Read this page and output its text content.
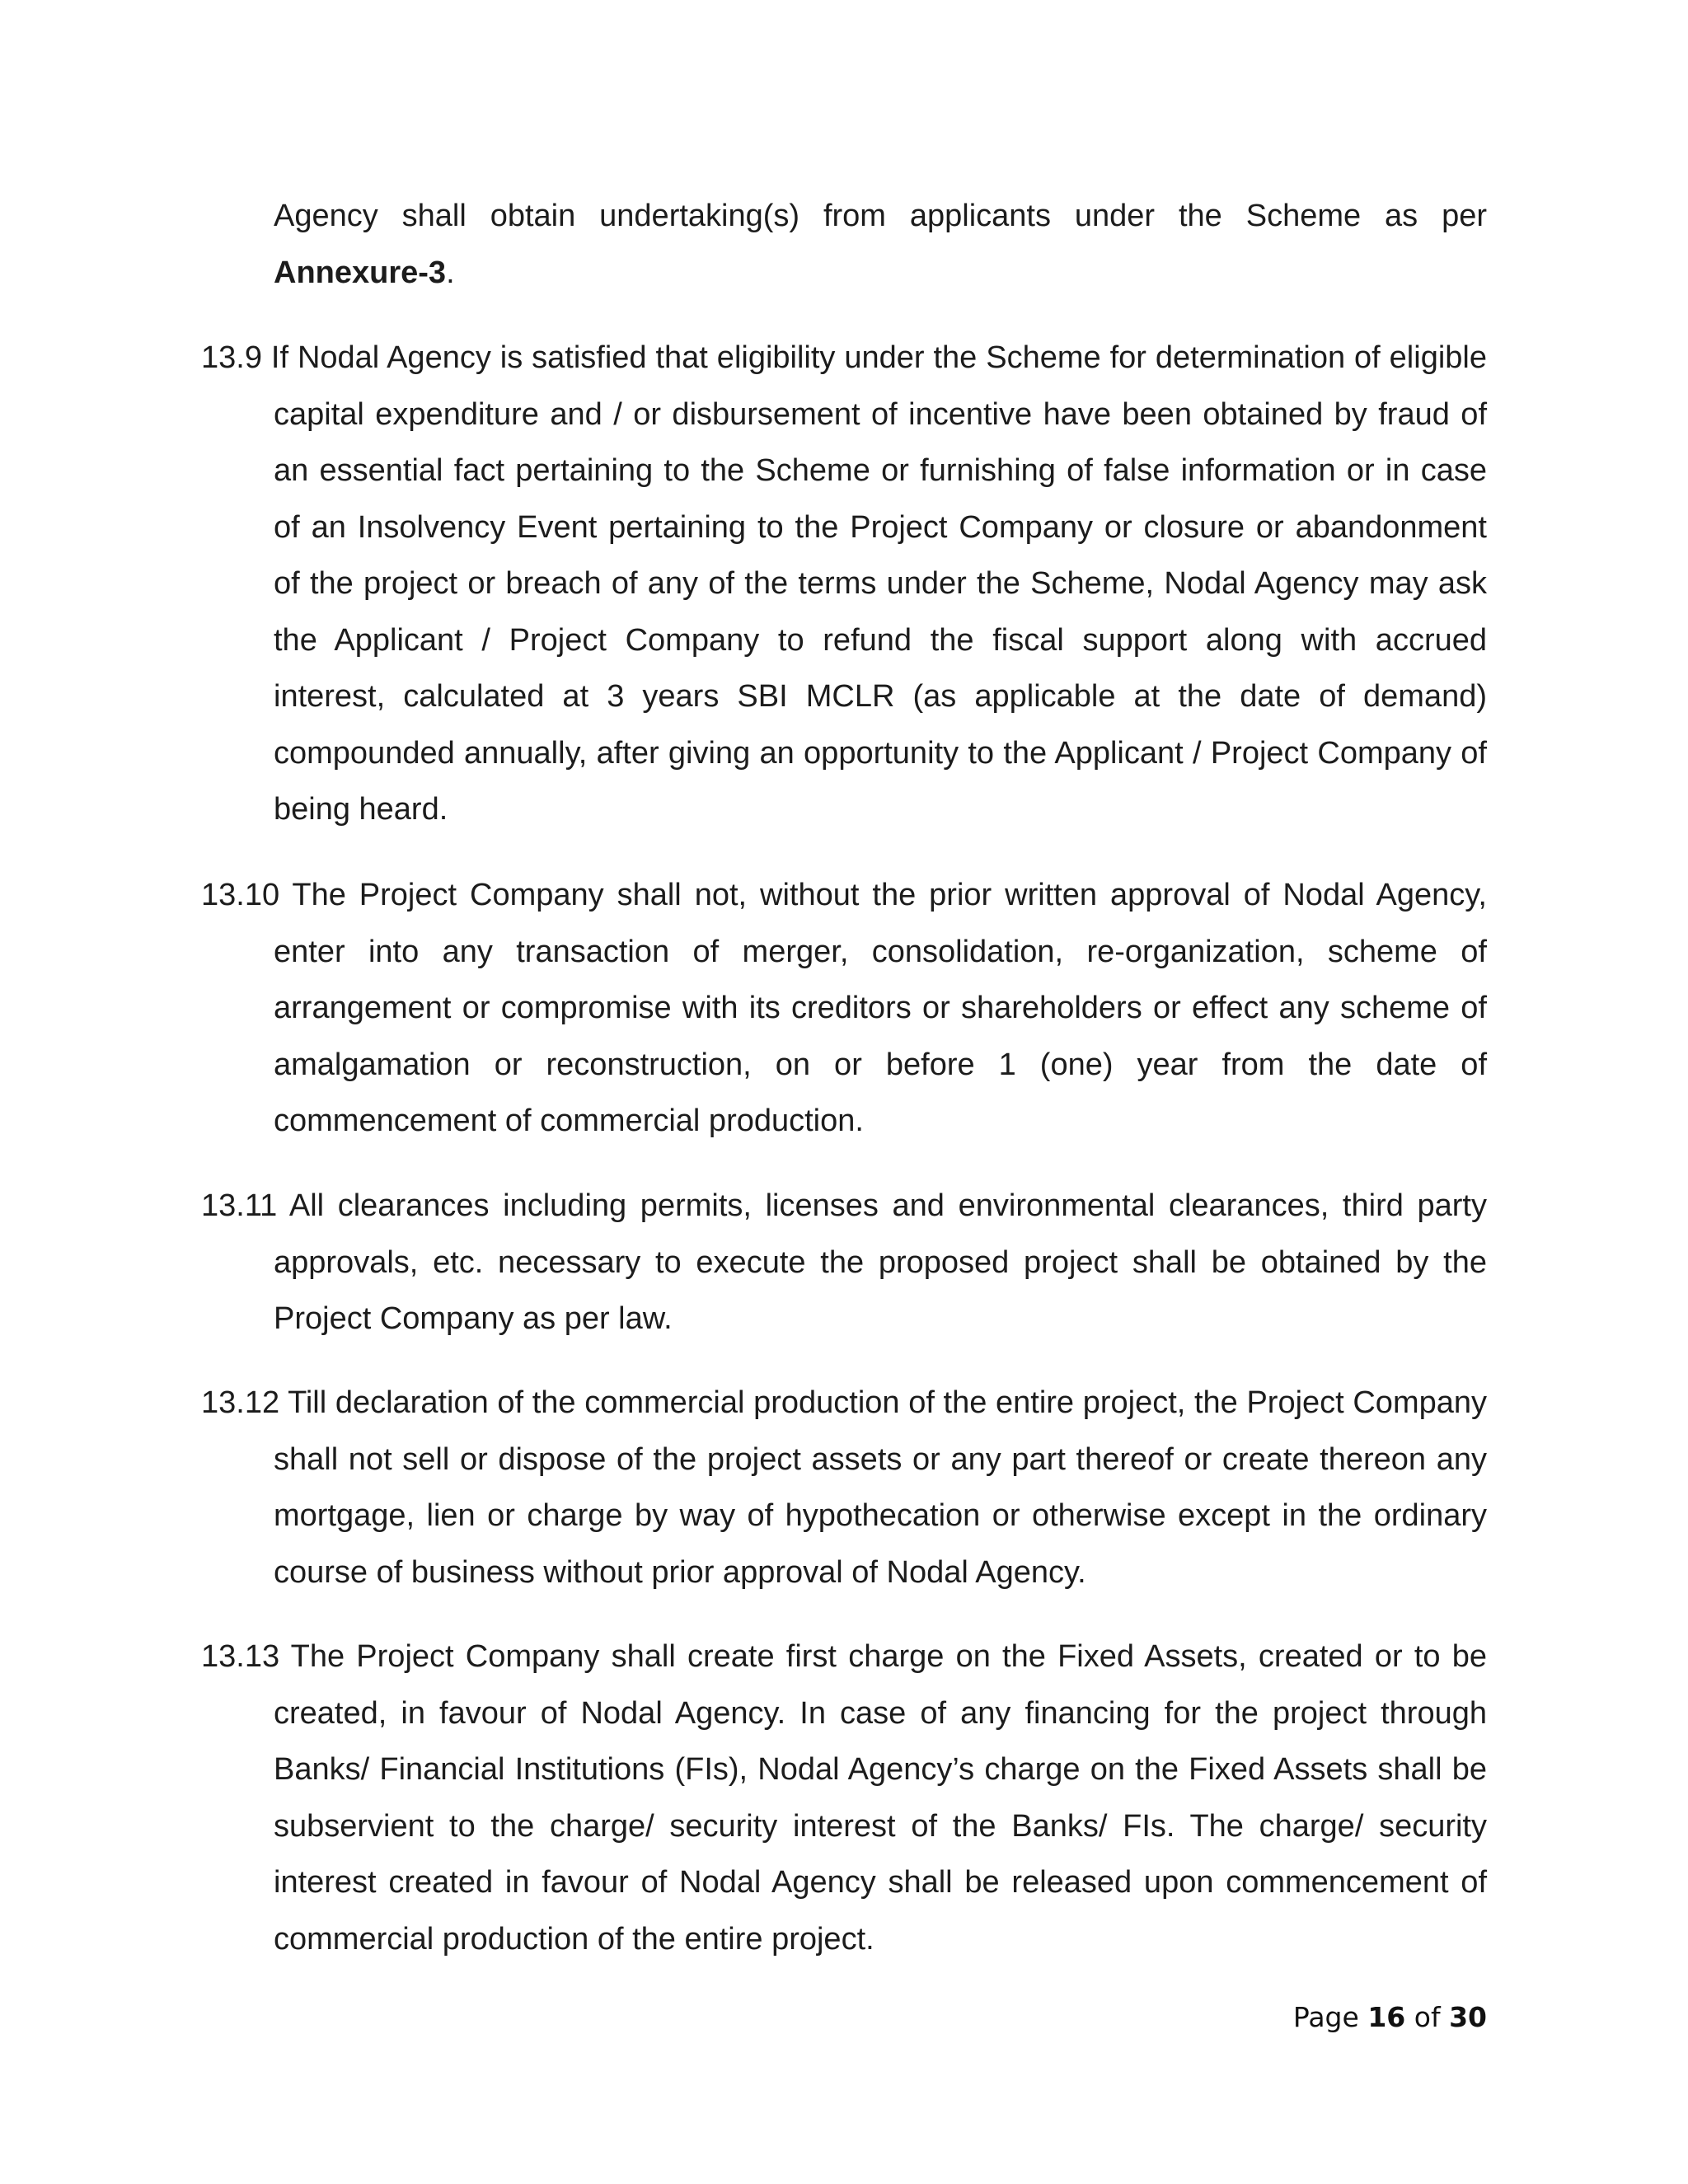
Agency shall obtain undertaking(s) from applicants under the Scheme as per Annexure-3.

13.9 If Nodal Agency is satisfied that eligibility under the Scheme for determination of eligible capital expenditure and / or disbursement of incentive have been obtained by fraud of an essential fact pertaining to the Scheme or furnishing of false information or in case of an Insolvency Event pertaining to the Project Company or closure or abandonment of the project or breach of any of the terms under the Scheme, Nodal Agency may ask the Applicant / Project Company to refund the fiscal support along with accrued interest, calculated at 3 years SBI MCLR (as applicable at the date of demand) compounded annually, after giving an opportunity to the Applicant / Project Company of being heard.

13.10 The Project Company shall not, without the prior written approval of Nodal Agency, enter into any transaction of merger, consolidation, re-organization, scheme of arrangement or compromise with its creditors or shareholders or effect any scheme of amalgamation or reconstruction, on or before 1 (one) year from the date of commencement of commercial production.

13.11 All clearances including permits, licenses and environmental clearances, third party approvals, etc. necessary to execute the proposed project shall be obtained by the Project Company as per law.

13.12 Till declaration of the commercial production of the entire project, the Project Company shall not sell or dispose of the project assets or any part thereof or create thereon any mortgage, lien or charge by way of hypothecation or otherwise except in the ordinary course of business without prior approval of Nodal Agency.

13.13 The Project Company shall create first charge on the Fixed Assets, created or to be created, in favour of Nodal Agency. In case of any financing for the project through Banks/ Financial Institutions (FIs), Nodal Agency’s charge on the Fixed Assets shall be subservient to the charge/ security interest of the Banks/ FIs. The charge/ security interest created in favour of Nodal Agency shall be released upon commencement of commercial production of the entire project.

Page 16 of 30
